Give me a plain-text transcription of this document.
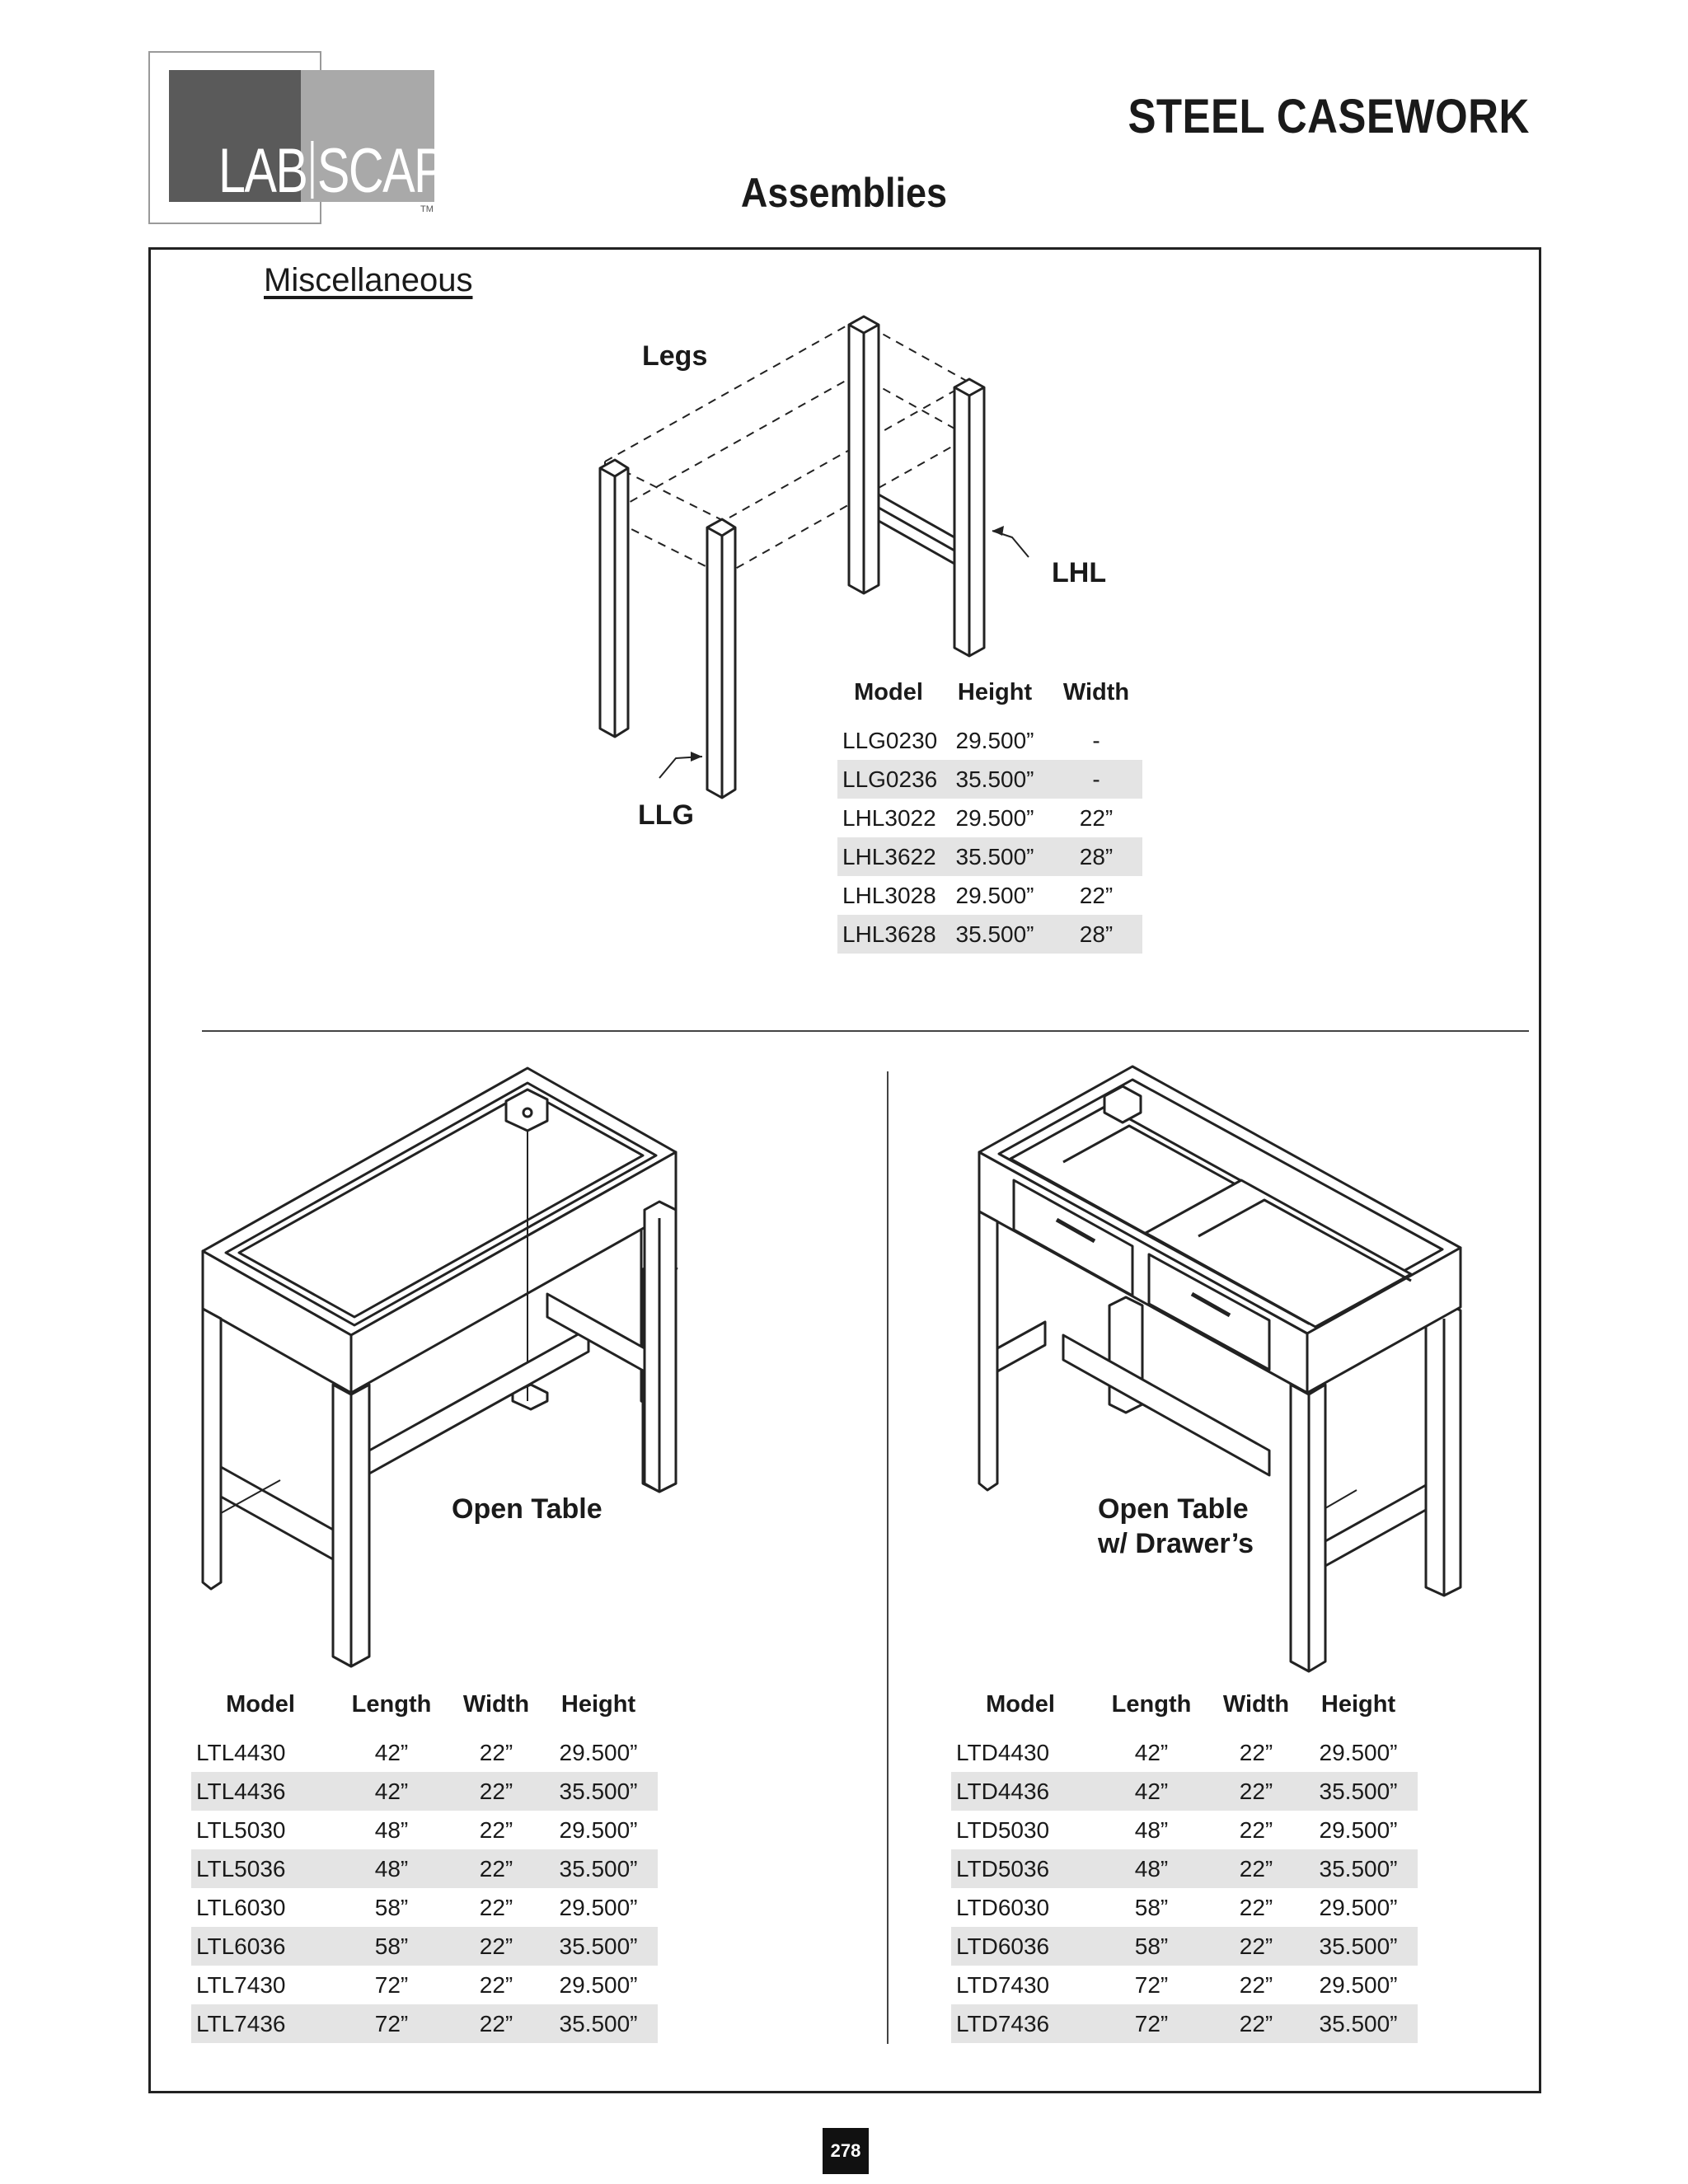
LAB SCAPE
TM
STEEL CASEWORK
Assemblies
Miscellaneous
Legs
LHL
LLG
Open Table	Open Table
w/ Drawer’s
Model	Height	Width
LLG0230	29.500”	-
LLG0236	35.500”	-
LHL3022	29.500”	22”
LHL3622	35.500”	28”
LHL3028	29.500”	22”
LHL3628	35.500”	28”
Model	Length	Width	Height
LTL4430	42”	22”	29.500”
LTL4436	42”	22”	35.500”
LTL5030	48”	22”	29.500”
LTL5036	48”	22”	35.500”
LTL6030	58”	22”	29.500”
LTL6036	58”	22”	35.500”
LTL7430	72”	22”	29.500”
LTL7436	72”	22”	35.500”
Model	Length	Width	Height
LTD4430	42”	22”	29.500”
LTD4436	42”	22”	35.500”
LTD5030	48”	22”	29.500”
LTD5036	48”	22”	35.500”
LTD6030	58”	22”	29.500”
LTD6036	58”	22”	35.500”
LTD7430	72”	22”	29.500”
LTD7436	72”	22”	35.500”
278
